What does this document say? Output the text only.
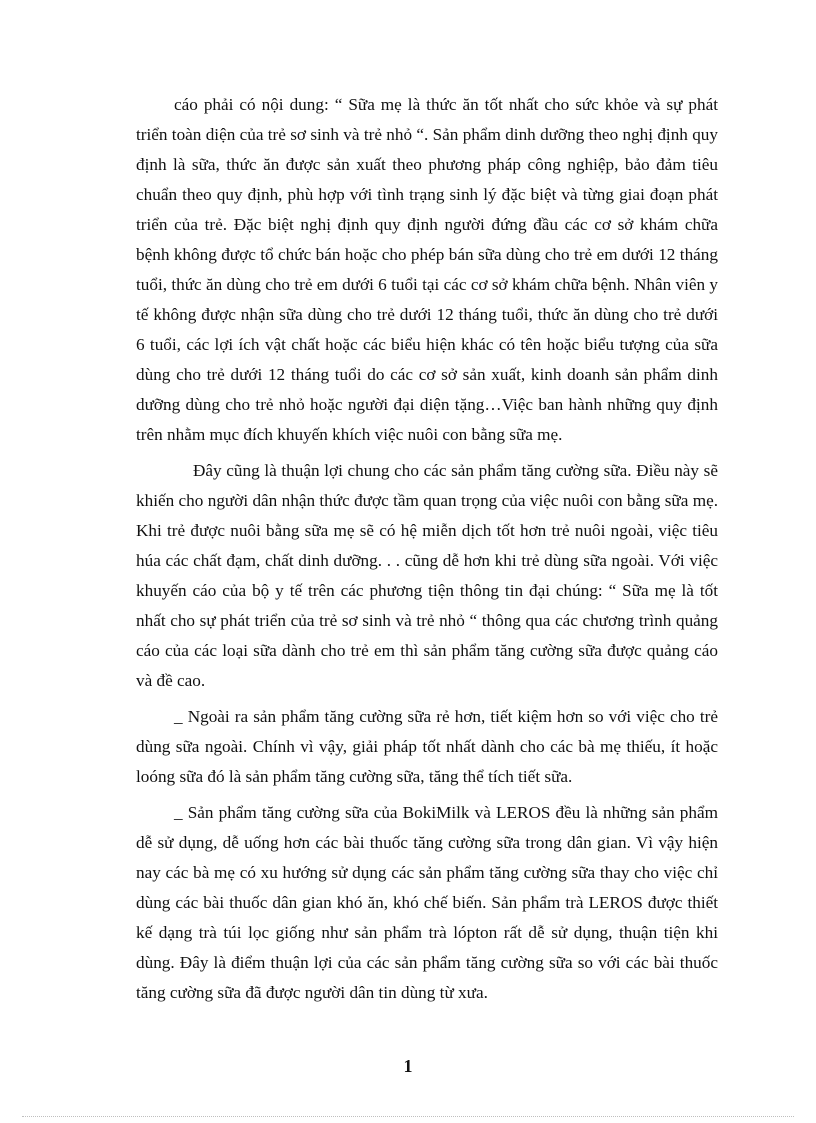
cáo phải có nội dung: “ Sữa mẹ là thức ăn tốt nhất cho sức khỏe và sự phát triển toàn diện của trẻ sơ sinh và trẻ nhỏ “. Sản phẩm dinh dưỡng theo nghị định quy định là sữa, thức ăn được sản xuất theo phương pháp công nghiệp, bảo đảm tiêu chuẩn theo quy định, phù hợp với tình trạng sinh lý đặc biệt và từng giai đoạn phát triển của trẻ. Đặc biệt nghị định quy định người đứng đầu các cơ sở khám chữa bệnh không được tổ chức bán hoặc cho phép bán sữa dùng cho trẻ em dưới 12 tháng tuổi, thức ăn dùng cho trẻ em dưới 6 tuổi tại các cơ sở khám chữa bệnh. Nhân viên y tế không được nhận sữa dùng cho trẻ dưới 12 tháng tuổi, thức ăn dùng cho trẻ dưới 6 tuổi, các lợi ích vật chất hoặc các biểu hiện khác có tên hoặc biểu tượng của sữa dùng cho trẻ dưới 12 tháng tuổi do các cơ sở sản xuất, kinh doanh sản phẩm dinh dưỡng dùng cho trẻ nhỏ hoặc người đại diện tặng…Việc ban hành những quy định trên nhằm mục đích khuyến khích việc nuôi con bằng sữa mẹ.

Đây cũng là thuận lợi chung cho các sản phẩm tăng cường sữa. Điều này sẽ khiến cho người dân nhận thức được tầm quan trọng của việc nuôi con bằng sữa mẹ. Khi trẻ được nuôi bằng sữa mẹ sẽ có hệ miễn dịch tốt hơn trẻ nuôi ngoài, việc tiêu húa các chất đạm, chất dinh dưỡng. . . cũng dễ hơn khi trẻ dùng sữa ngoài. Với việc khuyến cáo của bộ y tế trên các phương tiện thông tin đại chúng: “ Sữa mẹ là tốt nhất cho sự phát triển của trẻ sơ sinh và trẻ nhỏ “ thông qua các chương trình quảng cáo của các loại sữa dành cho trẻ em thì sản phẩm tăng cường sữa được quảng cáo và đề cao.

_ Ngoài ra sản phẩm tăng cường sữa rẻ hơn, tiết kiệm hơn so với việc cho trẻ dùng sữa ngoài. Chính vì vậy, giải pháp tốt nhất dành cho các bà mẹ thiếu, ít hoặc loóng sữa đó là sản phẩm tăng cường sữa, tăng thể tích tiết sữa.

_ Sản phẩm tăng cường sữa của BokiMilk và LEROS đều là những sản phẩm dễ sử dụng, dễ uống hơn các bài thuốc tăng cường sữa trong dân gian. Vì vậy hiện nay các bà mẹ có xu hướng sử dụng các sản phẩm tăng cường sữa thay cho việc chỉ dùng các bài thuốc dân gian khó ăn, khó chế biến. Sản phẩm trà LEROS được thiết kế dạng trà túi lọc giống như sản phẩm trà lópton rất dễ sử dụng, thuận tiện khi dùng. Đây là điểm thuận lợi của các sản phẩm tăng cường sữa so với các bài thuốc tăng cường sữa đã được người dân tin dùng từ xưa.

1
